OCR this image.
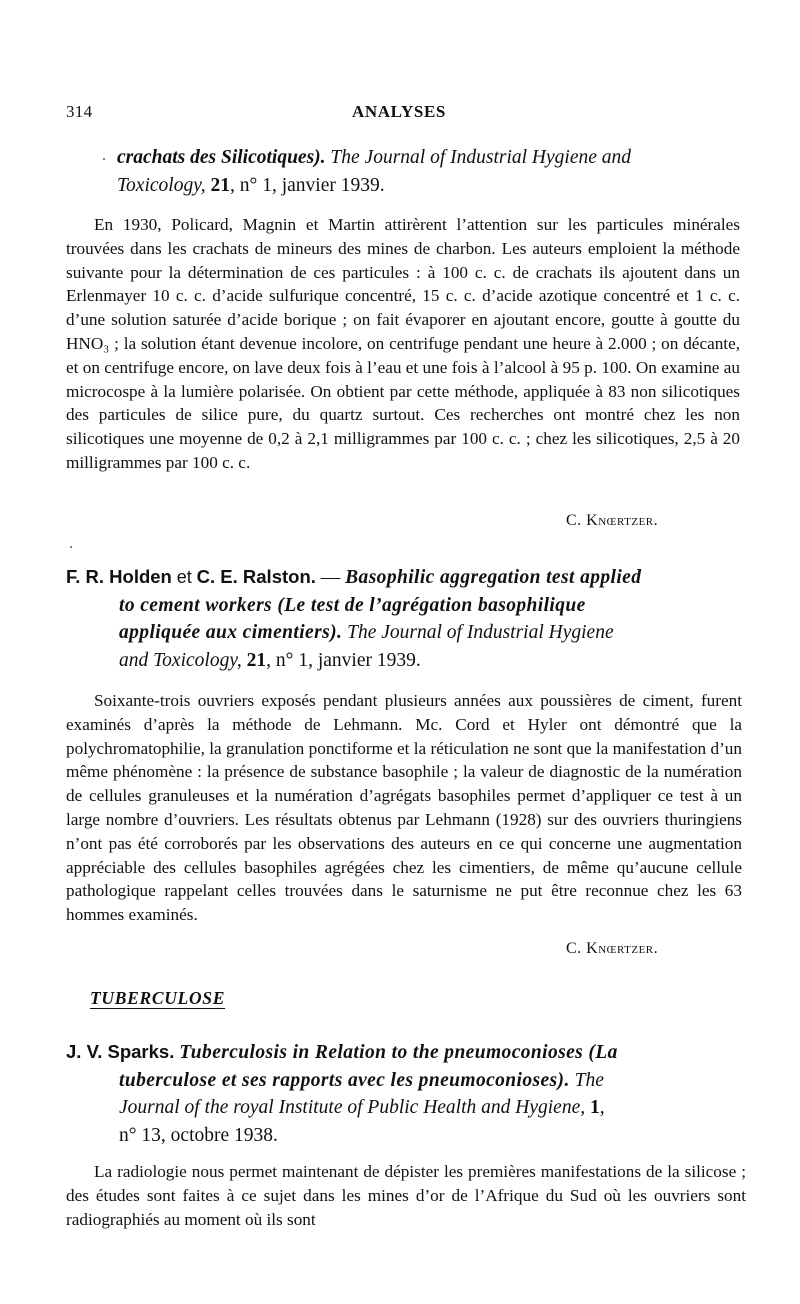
314	ANALYSES
crachats des Silicotiques). The Journal of Industrial Hygiene and
Toxicology, 21, n° 1, janvier 1939.

En 1930, Policard, Magnin et Martin attirèrent l’attention sur les particules minérales trouvées dans les crachats de mineurs des mines de charbon. Les auteurs emploient la méthode suivante pour la détermination de ces particules : à 100 c. c. de crachats ils ajoutent dans un Erlenmayer 10 c. c. d’acide sulfurique concentré, 15 c. c. d’acide azotique concentré et 1 c. c. d’une solution saturée d’acide borique ; on fait évaporer en ajoutant encore, goutte à goutte du HNO₃ ; la solution étant devenue incolore, on centrifuge pendant une heure à 2.000 ; on décante, et on centrifuge encore, on lave deux fois à l’eau et une fois à l’alcool à 95 p. 100. On examine au microcospe à la lumière polarisée. On obtient par cette méthode, appliquée à 83 non silicotiques des particules de silice pure, du quartz surtout. Ces recherches ont montré chez les non silicotiques une moyenne de 0,2 à 2,1 milligrammes par 100 c. c. ; chez les silicotiques, 2,5 à 20 milligrammes par 100 c. c.

C. Knœrtzer.
F. R. Holden et C. E. Ralston. — Basophilic aggregation test applied
to cement workers (Le test de l’agrégation basophilique
appliquée aux cimentiers). The Journal of Industrial Hygiene
and Toxicology, 21, n° 1, janvier 1939.

Soixante-trois ouvriers exposés pendant plusieurs années aux poussières de ciment, furent examinés d’après la méthode de Lehmann. Mc. Cord et Hyler ont démontré que la polychromatophilie, la granulation ponctiforme et la réticulation ne sont que la manifestation d’un même phénomène : la présence de substance basophile ; la valeur de diagnostic de la numération de cellules granuleuses et la numération d’agrégats basophiles permet d’appliquer ce test à un large nombre d’ouvriers. Les résultats obtenus par Lehmann (1928) sur des ouvriers thuringiens n’ont pas été corroborés par les observations des auteurs en ce qui concerne une augmentation appréciable des cellules basophiles agrégées chez les cimentiers, de même qu’aucune cellule pathologique rappelant celles trouvées dans le saturnisme ne put être reconnue chez les 63 hommes examinés.

C. Knœrtzer.
TUBERCULOSE
J. V. Sparks. Tuberculosis in Relation to the pneumoconioses (La
tuberculose et ses rapports avec les pneumoconioses). The
Journal of the royal Institute of Public Health and Hygiene, 1,
n° 13, octobre 1938.

La radiologie nous permet maintenant de dépister les premières manifestations de la silicose ; des études sont faites à ce sujet dans les mines d’or de l’Afrique du Sud où les ouvriers sont radiographiés au moment où ils sont
